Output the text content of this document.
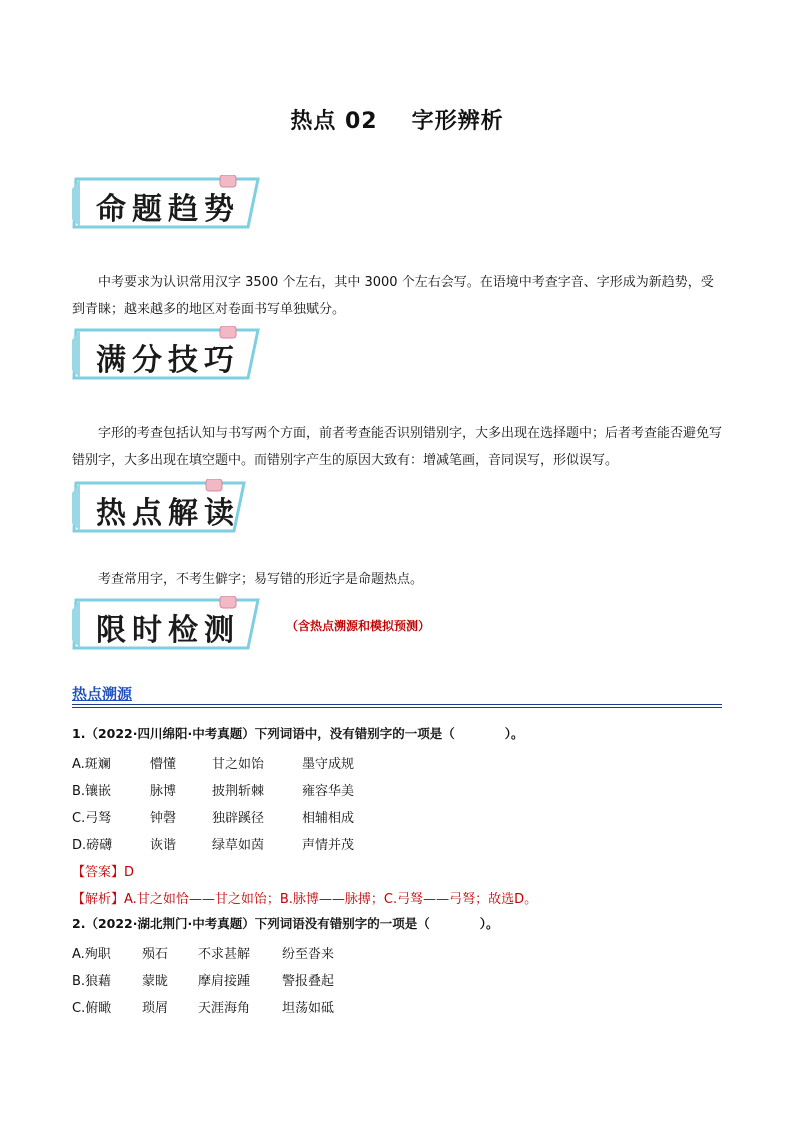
热点 02 字形辨析
命题趋势

中考要求为认识常用汉字 3500 个左右，其中 3000 个左右会写。在语境中考查字音、字形成为新趋势，受到青睐；越来越多的地区对卷面书写单独赋分。

满分技巧

字形的考查包括认知与书写两个方面，前者考查能否识别错别字，大多出现在选择题中；后者考查能否避免写错别字，大多出现在填空题中。而错别字产生的原因大致有：增减笔画，音同误写，形似误写。

热点解读

考查常用字，不考生僻字；易写错的形近字是命题热点。

限时检测	（含热点溯源和模拟预测）
热点溯源
1.（2022·四川绵阳·中考真题）下列词语中，没有错别字的一项是（　　　　）。
A.斑斓	懵懂	甘之如饴	墨守成规
B.镶嵌	脉博	披荆斩棘	雍容华美
C.弓驽	钟磬	独辟蹊径	相辅相成
D.磅礴	诙谐	绿草如茵	声情并茂
【答案】D
【解析】A.甘之如恰——甘之如饴；B.脉博——脉搏；C.弓驽——弓弩；故选D。
2.（2022·湖北荆门·中考真题）下列词语没有错别字的一项是（　　　　）。
A.殉职 殒石 不求甚解 纷至沓来
B.狼藉 蒙眬 摩肩接踵 警报叠起
C.俯瞰 琐屑 天涯海角 坦荡如砥
